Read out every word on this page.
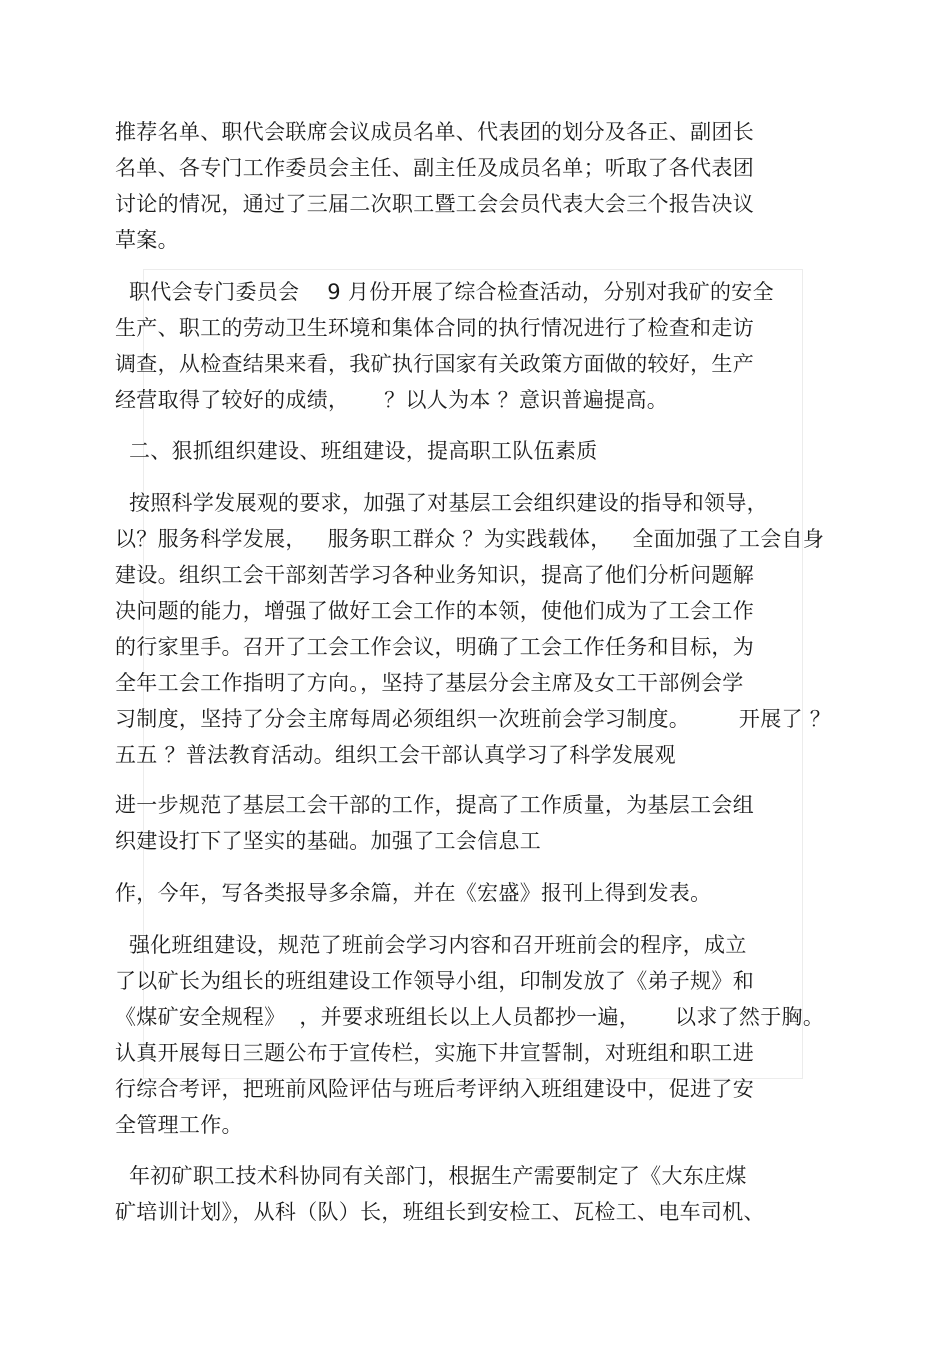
推荐名单、职代会联席会议成员名单、代表团的划分及各正、副团长
名单、各专门工作委员会主任、副主任及成员名单；听取了各代表团
讨论的情况，通过了三届二次职工暨工会会员代表大会三个报告决议
草案。
职代会专门委员会    9 月份开展了综合检查活动，分别对我矿的安全
生产、职工的劳动卫生环境和集体合同的执行情况进行了检查和走访
调查，从检查结果来看，我矿执行国家有关政策方面做的较好，生产
经营取得了较好的成绩，     ？以人为本 ？意识普遍提高。
二、狠抓组织建设、班组建设，提高职工队伍素质
按照科学发展观的要求，加强了对基层工会组织建设的指导和领导，
以？服务科学发展，   服务职工群众 ？为实践载体，   全面加强了工会自身
建设。组织工会干部刻苦学习各种业务知识，提高了他们分析问题解
决问题的能力，增强了做好工会工作的本领，使他们成为了工会工作
的行家里手。召开了工会工作会议，明确了工会工作任务和目标，为
全年工会工作指明了方向。，坚持了基层分会主席及女工干部例会学
习制度，坚持了分会主席每周必须组织一次班前会学习制度。       开展了 ？
五五 ？普法教育活动。组织工会干部认真学习了科学发展观
进一步规范了基层工会干部的工作，提高了工作质量，为基层工会组
织建设打下了坚实的基础。加强了工会信息工
作，今年，写各类报导多余篇，并在《宏盛》报刊上得到发表。
强化班组建设，规范了班前会学习内容和召开班前会的程序，成立
了以矿长为组长的班组建设工作领导小组，印制发放了《弟子规》和
《煤矿安全规程》  ，并要求班组长以上人员都抄一遍，     以求了然于胸。
认真开展每日三题公布于宣传栏，实施下井宣誓制，对班组和职工进
行综合考评，把班前风险评估与班后考评纳入班组建设中，促进了安
全管理工作。
年初矿职工技术科协同有关部门，根据生产需要制定了《大东庄煤
矿培训计划》，从科（队）长，班组长到安检工、瓦检工、电车司机、
